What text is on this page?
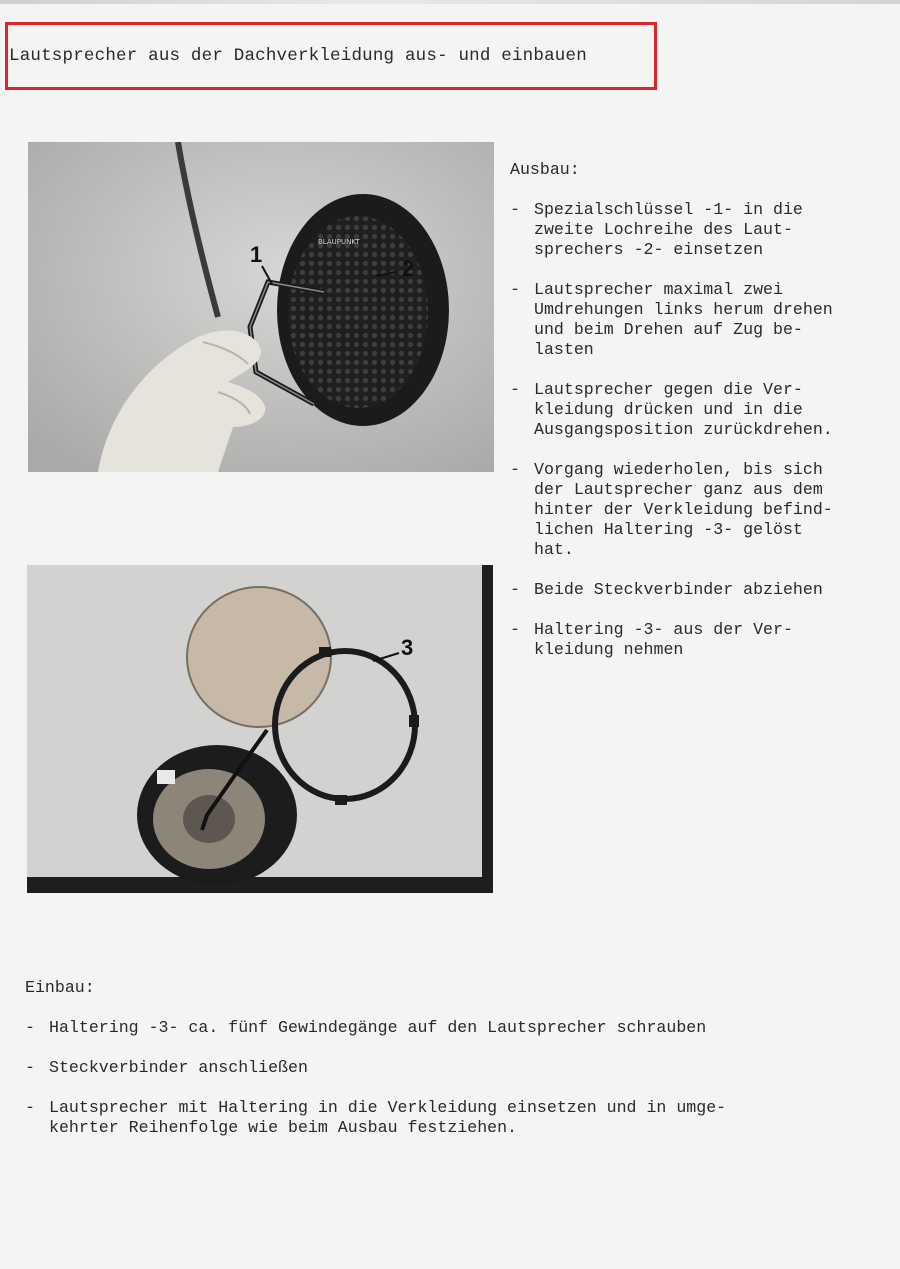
Lautsprecher aus der Dachverkleidung aus- und einbauen
BLAUPUNKT
1
2
3
Ausbau:
- Spezialschlüssel -1- in die
zweite Lochreihe des Laut-
sprechers -2- einsetzen
- Lautsprecher maximal zwei
Umdrehungen links herum drehen
und beim Drehen auf Zug be-
lasten
- Lautsprecher gegen die Ver-
kleidung drücken und in die
Ausgangsposition zurückdrehen.
- Vorgang wiederholen, bis sich
der Lautsprecher ganz aus dem
hinter der Verkleidung befind-
lichen Haltering -3- gelöst
hat.
- Beide Steckverbinder abziehen
- Haltering -3- aus der Ver-
kleidung nehmen
Einbau:
- Haltering -3- ca. fünf Gewindegänge auf den Lautsprecher schrauben
- Steckverbinder anschließen
- Lautsprecher mit Haltering in die Verkleidung einsetzen und in umge-
kehrter Reihenfolge wie beim Ausbau festziehen.
